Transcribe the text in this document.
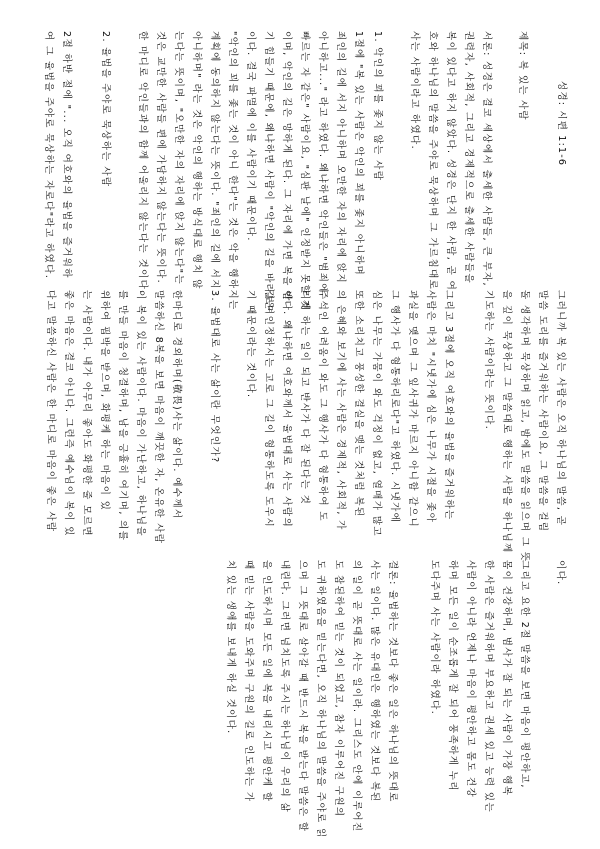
성경: 시편 1:1-6
제목: 복 있는 사람
서론: 성경은 결코 세상에서 출세한 사람들, 큰 부자,
권력자, 사회적, 그리고 경제적으로 출세한 사람들을
복이 있다고 하지 않았다. 성경은 단지 한 사람, 곧 여
호와 하나님의 말씀을 주야로 묵상하며 그 가르침대로
사는 사람이라고 하였다.
1. 악인의 꾀를 좇지 않는 사람
1절에 "복 있는 사람은 악인의 꾀를 좇지 아니하며
죄인의 길에 서지 아니하며 오만한 자의 자리에 앉지
아니하고..." 라고 하였다. 왜냐하면 악인들은 "범죄에
빠르는 자 같은" 사람이요, "심판 날에" 인정받지 못할 것
이며, 악인의 길은 망하게 된다. 그 자리에 가면 복을 받
기 힘들기 때문에, 왜냐하면 사람이 "악인의 길을 바라보며
이다. 결국 파멸에 이를 사람이기 때문이다.
"악인의 꾀를 좇는 것이 아니 한다"는 것은 악을 행하지는
계획에 동의하지 않는다는 뜻이다. "죄인의 길에 서지
아니하며" 라는 것은 악인의 행하는 방식대로 행치 않
는다는 뜻이며, "오만한 자의 자리에 앉지 않는다"는
것은 교만한 사람들 편에 가담하지 않는다는 뜻이다.
한 마디로 악인들과의 함께 어울리지 않는다는 것이다.
2. 율법을 주야로 묵상하는 사람
2절 하반 절에 "... 오직 여호와의 율법을 즐거워하
여 그 율법을 주야로 묵상하는 자로다"라고 하였다.
그러니까 복 있는 사람은 오직 하나님의 말씀, 곧
말씀 도리를 즐거워하는 사람이요, 그 말씀을 걸림
돌 생각하며 묵상하며 읽고, 밤에도 말씀을 읽으며 그 뜻
을 깊이 묵상하고 그 말씀대로 행하는 사람을 하나님께
기도하는 사람이라는 뜻이다.
그리고 3절에 오직 여호와의 율법을 즐거워하는
사람은 마치 "시냇가에 심은 나무가 시절을 좇아
과실을 맺으며 그 잎사귀가 마르지 아니함 같으니
그 행사가 다 형통하리로다"고 하였다. 시냇가에
심은 나무는 가뭄이 와도 걱정이 없고, 열매가 많고
또한 소리치고 풍성한 결실을 맺는 것처럼 복된
의 은혜와 보기에 사는 사람은 경제적, 사회적, 가
주석인 어려움이 와도 그 행사가 다 형통하여 도
리게 하는 일이 되고 반사가 다 잘 된다는 것
이다. 왜냐하면 여호와께서 율법대로 사는 사람의
길은 인정하시는 고로 그 길이 형통하도록 도우시
기 때문이라는 것이다.
3. 율법대로 사는 삶이란 무엇인가?
한마디로 경외하며(敬畏)사는 삶이다. 예수께서
말씀하신 8복을 보면 마음이 깨끗한 자, 온유한 사람
이 복이 있는 사람이다. 마음이 가난하고, 하나님을
를 만들 마음이 청결하며, 남을 긍휼히 여기며, 의를
위하여 핍박을 받으며, 화평케 하는 마음이 있
는 사람이다. 내가 아무리 좋아도 화평한 줄 모르면
좋은 마음은 결코 아니다. 그런즉 예수님이 복이 있
다고 말씀하신 사람은 한 마디로 마음이 좋은 사람
이다.
그리고 요한 2절 말씀을 보면 마음이 평안하고,
몸이 건강하며, 범사가 잘 되는 사람이 가장 행복
한 사람은 즐거워하며 부요하고 권세 있고 능력 있는
사람이 아니라 언제나 마음이 평안하고 몸도 건강
하며 모든 일이 순조롭게 잘 되어 풍족하게 누리
도다주며 사는 사람이라 하였다.
결론: 율법하는 것보다 좋은 일은 하나님의 뜻대로
사는 일이다. 많은 유대인은 행하였는 것보다 복된
의 일이 곧 뜻대로 사는 일이라. 그리스도 안에 이루어진
도 참된하여 믿는 것이 되었고, 참자 이루어진 구원의
도 귀하였음을 믿는다면, 오직 하나님의 말씀을 주야로 읽
으며 그 뜻대로 살아갈 때 반드시 복을 받는다 말씀은 할
내린다. 그러면 넘치도록 주시는 하나님이 우리의 삶
을 인도하시며 모든 일에 복을 내리시고 평안케 할
때 믿는 사람을 도와주며 구원의 길로 인도하는 가
치 있는 생애를 보내게 하실 것이다.
